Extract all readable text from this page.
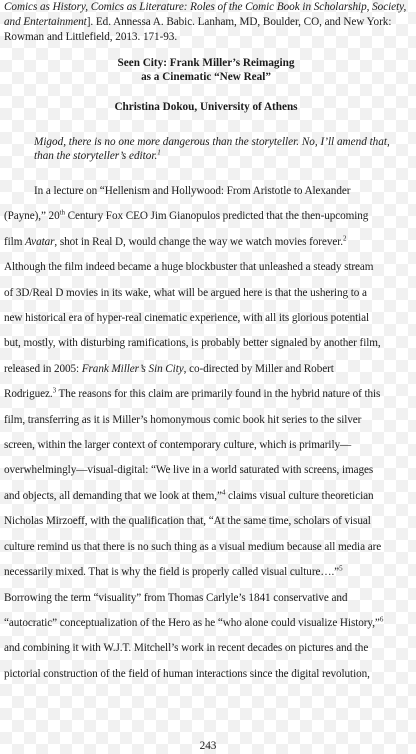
Comics as History, Comics as Literature: Roles of the Comic Book in Scholarship, Society, and Entertainment]. Ed. Annessa A. Babic. Lanham, MD, Boulder, CO, and New York: Rowman and Littlefield, 2013. 171-93.

Seen City: Frank Miller’s Reimaging
as a Cinematic “New Real”
Christina Dokou, University of Athens
Migod, there is no one more dangerous than the storyteller. No, I’ll amend that, than the storyteller’s editor.$^1$
In a lecture on “Hellenism and Hollywood: From Aristotle to Alexander
(Payne),” 20th Century Fox CEO Jim Gianopulos predicted that the then-upcoming
film Avatar, shot in Real D, would change the way we watch movies forever.$^2$
Although the film indeed became a huge blockbuster that unleashed a steady stream
of 3D/Real D movies in its wake, what will be argued here is that the ushering to a
new historical era of hyper-real cinematic experience, with all its glorious potential
but, mostly, with disturbing ramifications, is probably better signaled by another film,
released in 2005: Frank Miller’s Sin City, co-directed by Miller and Robert
Rodriguez.$^3$ The reasons for this claim are primarily found in the hybrid nature of this
film, transferring as it is Miller’s homonymous comic book hit series to the silver
screen, within the larger context of contemporary culture, which is primarily—
overwhelmingly—visual-digital: “We live in a world saturated with screens, images
and objects, all demanding that we look at them,”$^4$ claims visual culture theoretician
Nicholas Mirzoeff, with the qualification that, “At the same time, scholars of visual
culture remind us that there is no such thing as a visual medium because all media are
necessarily mixed. That is why the field is properly called visual culture….”$^5$
Borrowing the term “visuality” from Thomas Carlyle’s 1841 conservative and
“autocratic” conceptualization of the Hero as he “who alone could visualize History,”$^6$
and combining it with W.J.T. Mitchell’s work in recent decades on pictures and the
pictorial construction of the field of human interactions since the digital revolution,
243
